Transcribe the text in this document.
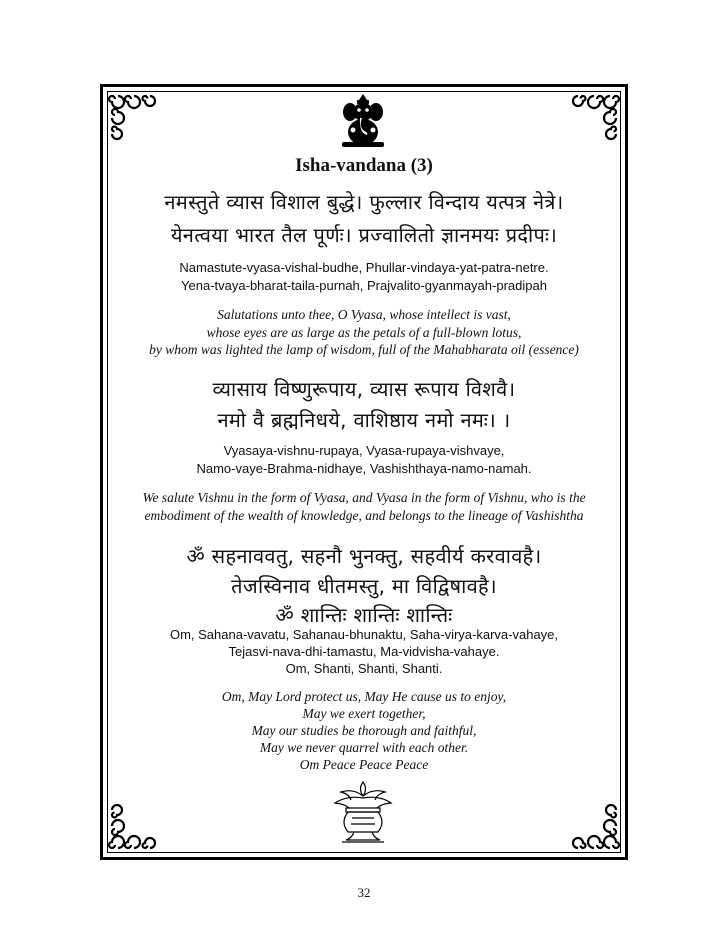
Isha-vandana (3)
नमस्तुते व्यास विशाल बुद्धे। फुल्लार विन्दाय यत्पत्र नेत्रे।
येनत्वया भारत तैल पूर्णः। प्रज्वालितो ज्ञानमयः प्रदीपः।
Namastute-vyasa-vishal-budhe, Phullar-vindaya-yat-patra-netre.
Yena-tvaya-bharat-taila-purnah, Prajvalito-gyanmayah-pradipah
Salutations unto thee, O Vyasa, whose intellect is vast,
whose eyes are as large as the petals of a full-blown lotus,
by whom was lighted the lamp of wisdom, full of the Mahabharata oil (essence)
व्यासाय विष्णुरूपाय, व्यास रूपाय विशवै।
नमो वै ब्रह्मनिधये, वाशिष्ठाय नमो नमः। ।
Vyasaya-vishnu-rupaya, Vyasa-rupaya-vishvaye,
Namo-vaye-Brahma-nidhaye, Vashishthaya-namo-namah.
We salute Vishnu in the form of Vyasa, and Vyasa in the form of Vishnu, who is the
embodiment of the wealth of knowledge, and belongs to the lineage of Vashishtha
ॐ सहनाववतु, सहनौ भुनक्तु, सहवीर्य करवावहै।
तेजस्विनाव धीतमस्तु, मा विद्विषावहै।
ॐ शान्तिः शान्तिः शान्तिः
Om, Sahana-vavatu, Sahanau-bhunaktu, Saha-virya-karva-vahaye,
Tejasvi-nava-dhi-tamastu, Ma-vidvisha-vahaye.
Om, Shanti, Shanti, Shanti.
Om, May Lord protect us, May He cause us to enjoy,
May we exert together,
May our studies be thorough and faithful,
May we never quarrel with each other.
Om Peace Peace Peace
32
